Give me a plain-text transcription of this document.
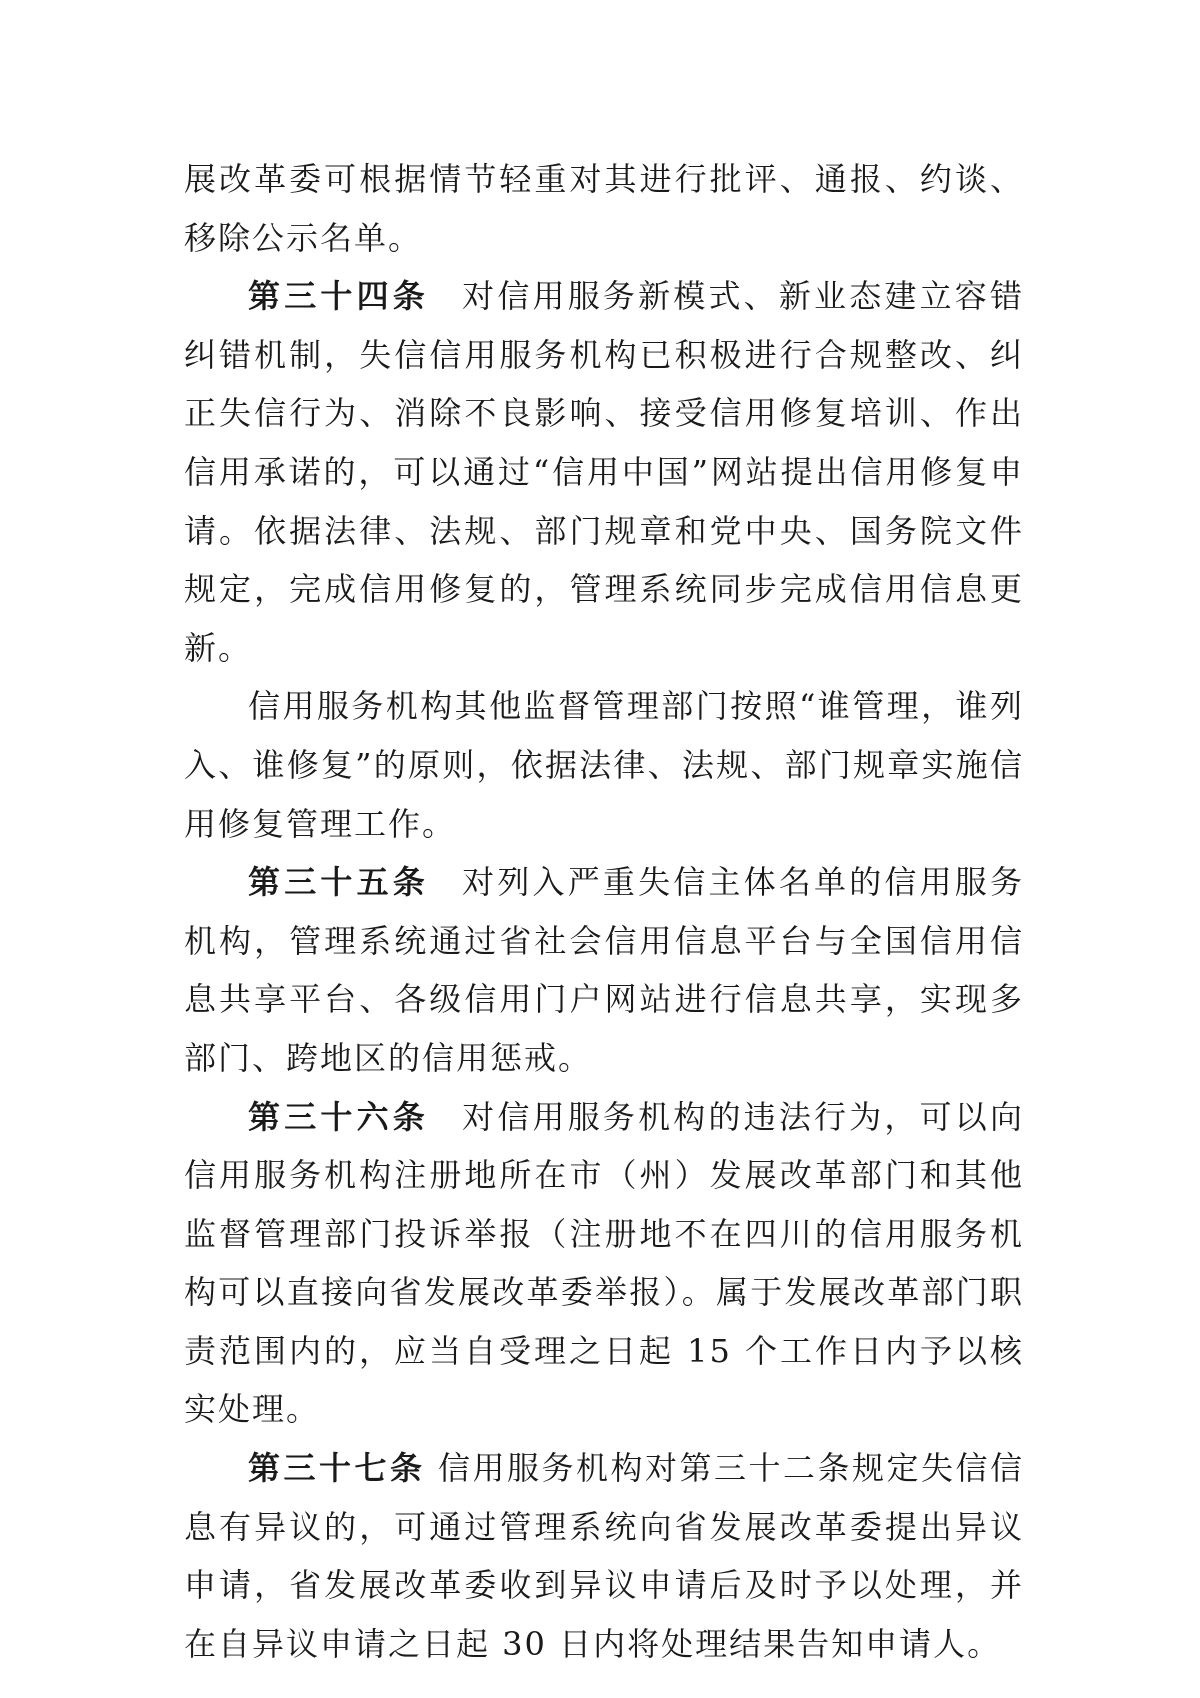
展改革委可根据情节轻重对其进行批评、通报、约谈、移除公示名单。

第三十四条 对信用服务新模式、新业态建立容错纠错机制，失信信用服务机构已积极进行合规整改、纠正失信行为、消除不良影响、接受信用修复培训、作出信用承诺的，可以通过“信用中国”网站提出信用修复申请。依据法律、法规、部门规章和党中央、国务院文件规定，完成信用修复的，管理系统同步完成信用信息更新。

信用服务机构其他监督管理部门按照“谁管理，谁列入、谁修复”的原则，依据法律、法规、部门规章实施信用修复管理工作。

第三十五条 对列入严重失信主体名单的信用服务机构，管理系统通过省社会信用信息平台与全国信用信息共享平台、各级信用门户网站进行信息共享，实现多部门、跨地区的信用惩戒。

第三十六条 对信用服务机构的违法行为，可以向信用服务机构注册地所在市（州）发展改革部门和其他监督管理部门投诉举报（注册地不在四川的信用服务机构可以直接向省发展改革委举报）。属于发展改革部门职责范围内的，应当自受理之日起 15 个工作日内予以核实处理。

第三十七条 信用服务机构对第三十二条规定失信信息有异议的，可通过管理系统向省发展改革委提出异议申请，省发展改革委收到异议申请后及时予以处理，并在自异议申请之日起 30 日内将处理结果告知申请人。
